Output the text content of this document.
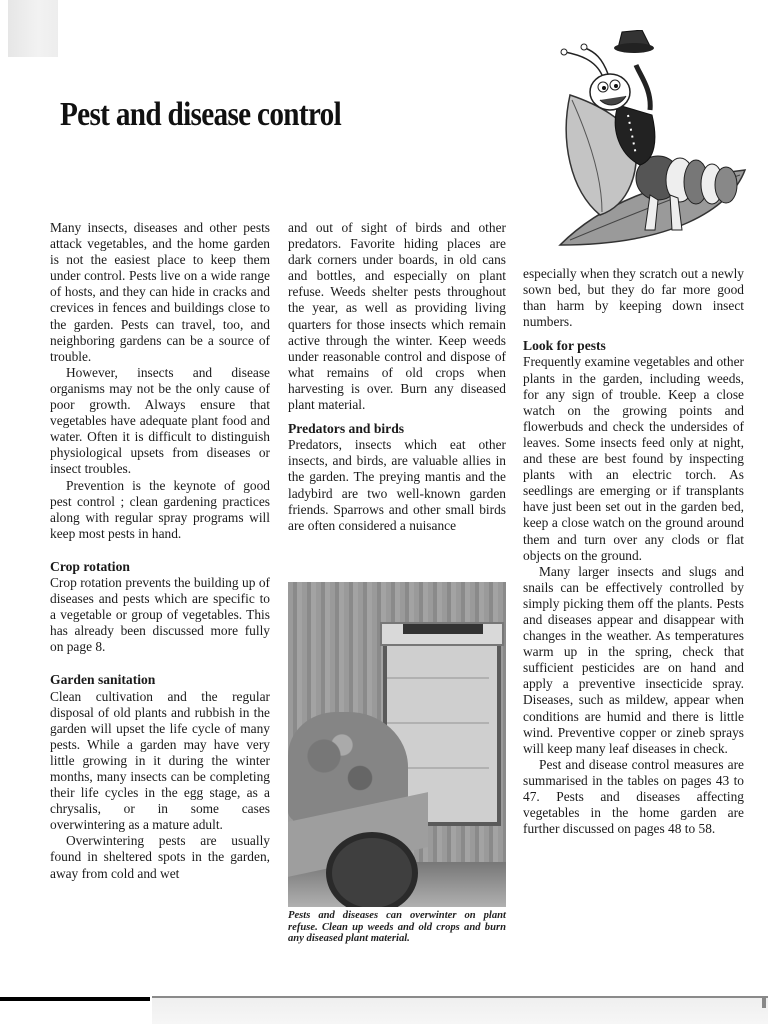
Pest and disease control

Many insects, diseases and other pests attack vegetables, and the home garden is not the easiest place to keep them under control. Pests live on a wide range of hosts, and they can hide in cracks and crevices in fences and buildings close to the garden. Pests can travel, too, and neighboring gardens can be a source of trouble.

However, insects and disease organisms may not be the only cause of poor growth. Always ensure that vegetables have adequate plant food and water. Often it is difficult to distinguish physiological upsets from diseases or insect troubles.

Prevention is the keynote of good pest control ; clean gardening practices along with regular spray programs will keep most pests in hand.

Crop rotation

Crop rotation prevents the building up of diseases and pests which are specific to a vegetable or group of vegetables. This has already been discussed more fully on page 8.

Garden sanitation

Clean cultivation and the regular disposal of old plants and rubbish in the garden will upset the life cycle of many pests. While a garden may have very little growing in it during the winter months, many insects can be completing their life cycles in the egg stage, as a chrysalis, or in some cases overwintering as a mature adult.

Overwintering pests are usually found in sheltered spots in the garden, away from cold and wet

and out of sight of birds and other predators. Favorite hiding places are dark corners under boards, in old cans and bottles, and especially on plant refuse. Weeds shelter pests throughout the year, as well as providing living quarters for those insects which remain active through the winter. Keep weeds under reasonable control and dispose of what remains of old crops when harvesting is over. Burn any diseased plant material.

Predators and birds

Predators, insects which eat other insects, and birds, are valuable allies in the garden. The preying mantis and the ladybird are two well-known garden friends. Sparrows and other small birds are often considered a nuisance

Pests and diseases can overwinter on plant refuse. Clean up weeds and old crops and burn any diseased plant material.

especially when they scratch out a newly sown bed, but they do far more good than harm by keeping down insect numbers.

Look for pests

Frequently examine vegetables and other plants in the garden, including weeds, for any sign of trouble. Keep a close watch on the growing points and flowerbuds and check the undersides of leaves. Some insects feed only at night, and these are best found by inspecting plants with an electric torch. As seedlings are emerging or if transplants have just been set out in the garden bed, keep a close watch on the ground around them and turn over any clods or flat objects on the ground.

Many larger insects and slugs and snails can be effectively controlled by simply picking them off the plants. Pests and diseases appear and disappear with changes in the weather. As temperatures warm up in the spring, check that sufficient pesticides are on hand and apply a preventive insecticide spray. Diseases, such as mildew, appear when conditions are humid and there is little wind. Preventive copper or zineb sprays will keep many leaf diseases in check.

Pest and disease control measures are summarised in the tables on pages 43 to 47. Pests and diseases affecting vegetables in the home garden are further discussed on pages 48 to 58.
